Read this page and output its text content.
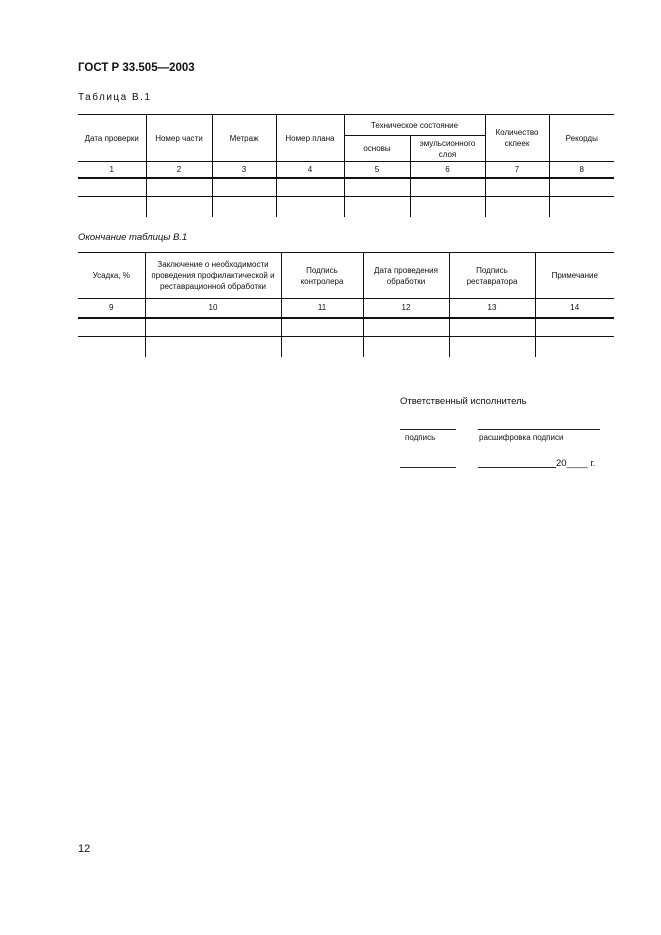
ГОСТ Р 33.505—2003
Таблица В.1
Дата проверки	Номер части	Метраж	Номер плана	Техническое состояние		Количество склеек	Рекорды
				основы	эмульсионного слоя		
1	2	3	4	5	6	7	8

Окончание таблицы В.1
Усадка, %	Заключение о необходимости проведения профилактической и реставрационной обработки	Подпись контролера	Дата проведения обработки	Подпись реставратора	Примечание
9	10	11	12	13	14

Ответственный исполнитель
подпись	расшифровка подписи
20____ г.
12
